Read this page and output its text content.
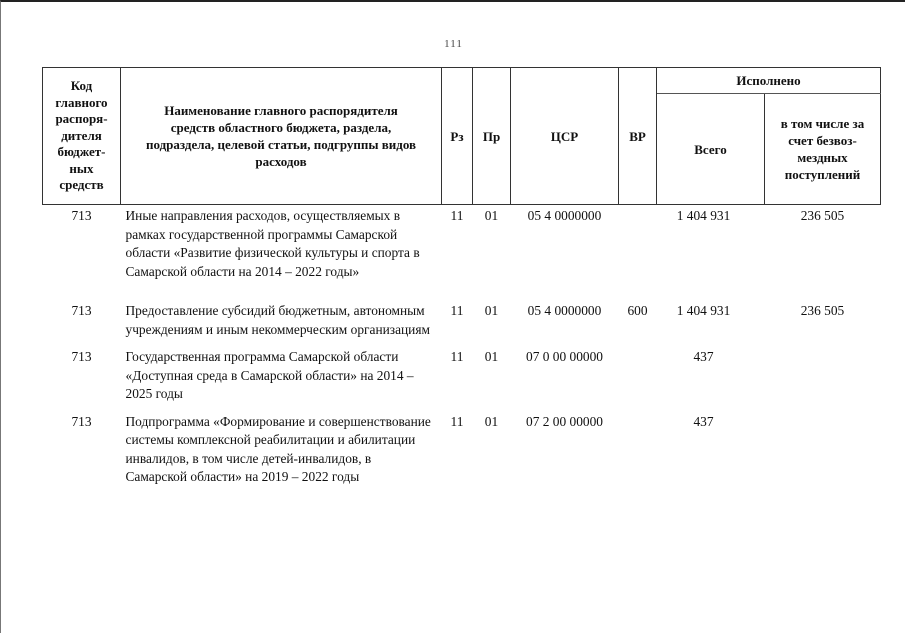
111
Код
главного
распоря-
дителя
бюджет-
ных
средств	Наименование главного распорядителя средств областного бюджета, раздела, подраздела, целевой статьи, подгруппы видов расходов	Рз	Пр	ЦСР	ВР	Исполнено
						Всего	в том числе за счет безвоз-мездных поступлений
713	Иные направления расходов, осуществляемых в рамках государственной программы Самарской области «Развитие физической культуры и спорта в Самарской области на 2014 – 2022 годы»	11	01	05 4 0000000		1 404 931	236 505
713	Предоставление субсидий бюджетным, автономным учреждениям и иным некоммерческим организациям	11	01	05 4 0000000	600	1 404 931	236 505
713	Государственная программа Самарской области «Доступная среда в Самарской области» на 2014 – 2025 годы	11	01	07 0 00 00000		437	
713	Подпрограмма «Формирование и совершенствование системы комплексной реабилитации и абилитации инвалидов, в том числе детей-инвалидов, в Самарской области» на 2019 – 2022 годы	11	01	07 2 00 00000		437	
